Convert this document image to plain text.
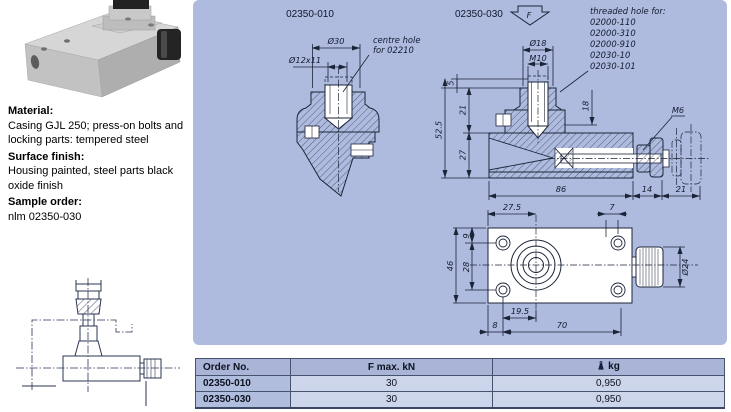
Material:

Casing GJL 250; press-on bolts and

locking parts: tempered steel

Surface finish:

Housing painted, steel parts black

oxide finish

Sample order:

nlm 02350-030

02350-010
Ø30
Ø12x11
centre hole
for 02210
02350-030	F	threaded hole for:
02000-110
02000-310
02000-910
02030-10
02030-101
Ø18
M10
52.5
5
21
27
18	M6
86	14	21
27.5	7
9
28
46	Ø24
19.5
8	70
Order No.	F max. kN	kg
02350-010	30	0,950
02350-030	30	0,950
